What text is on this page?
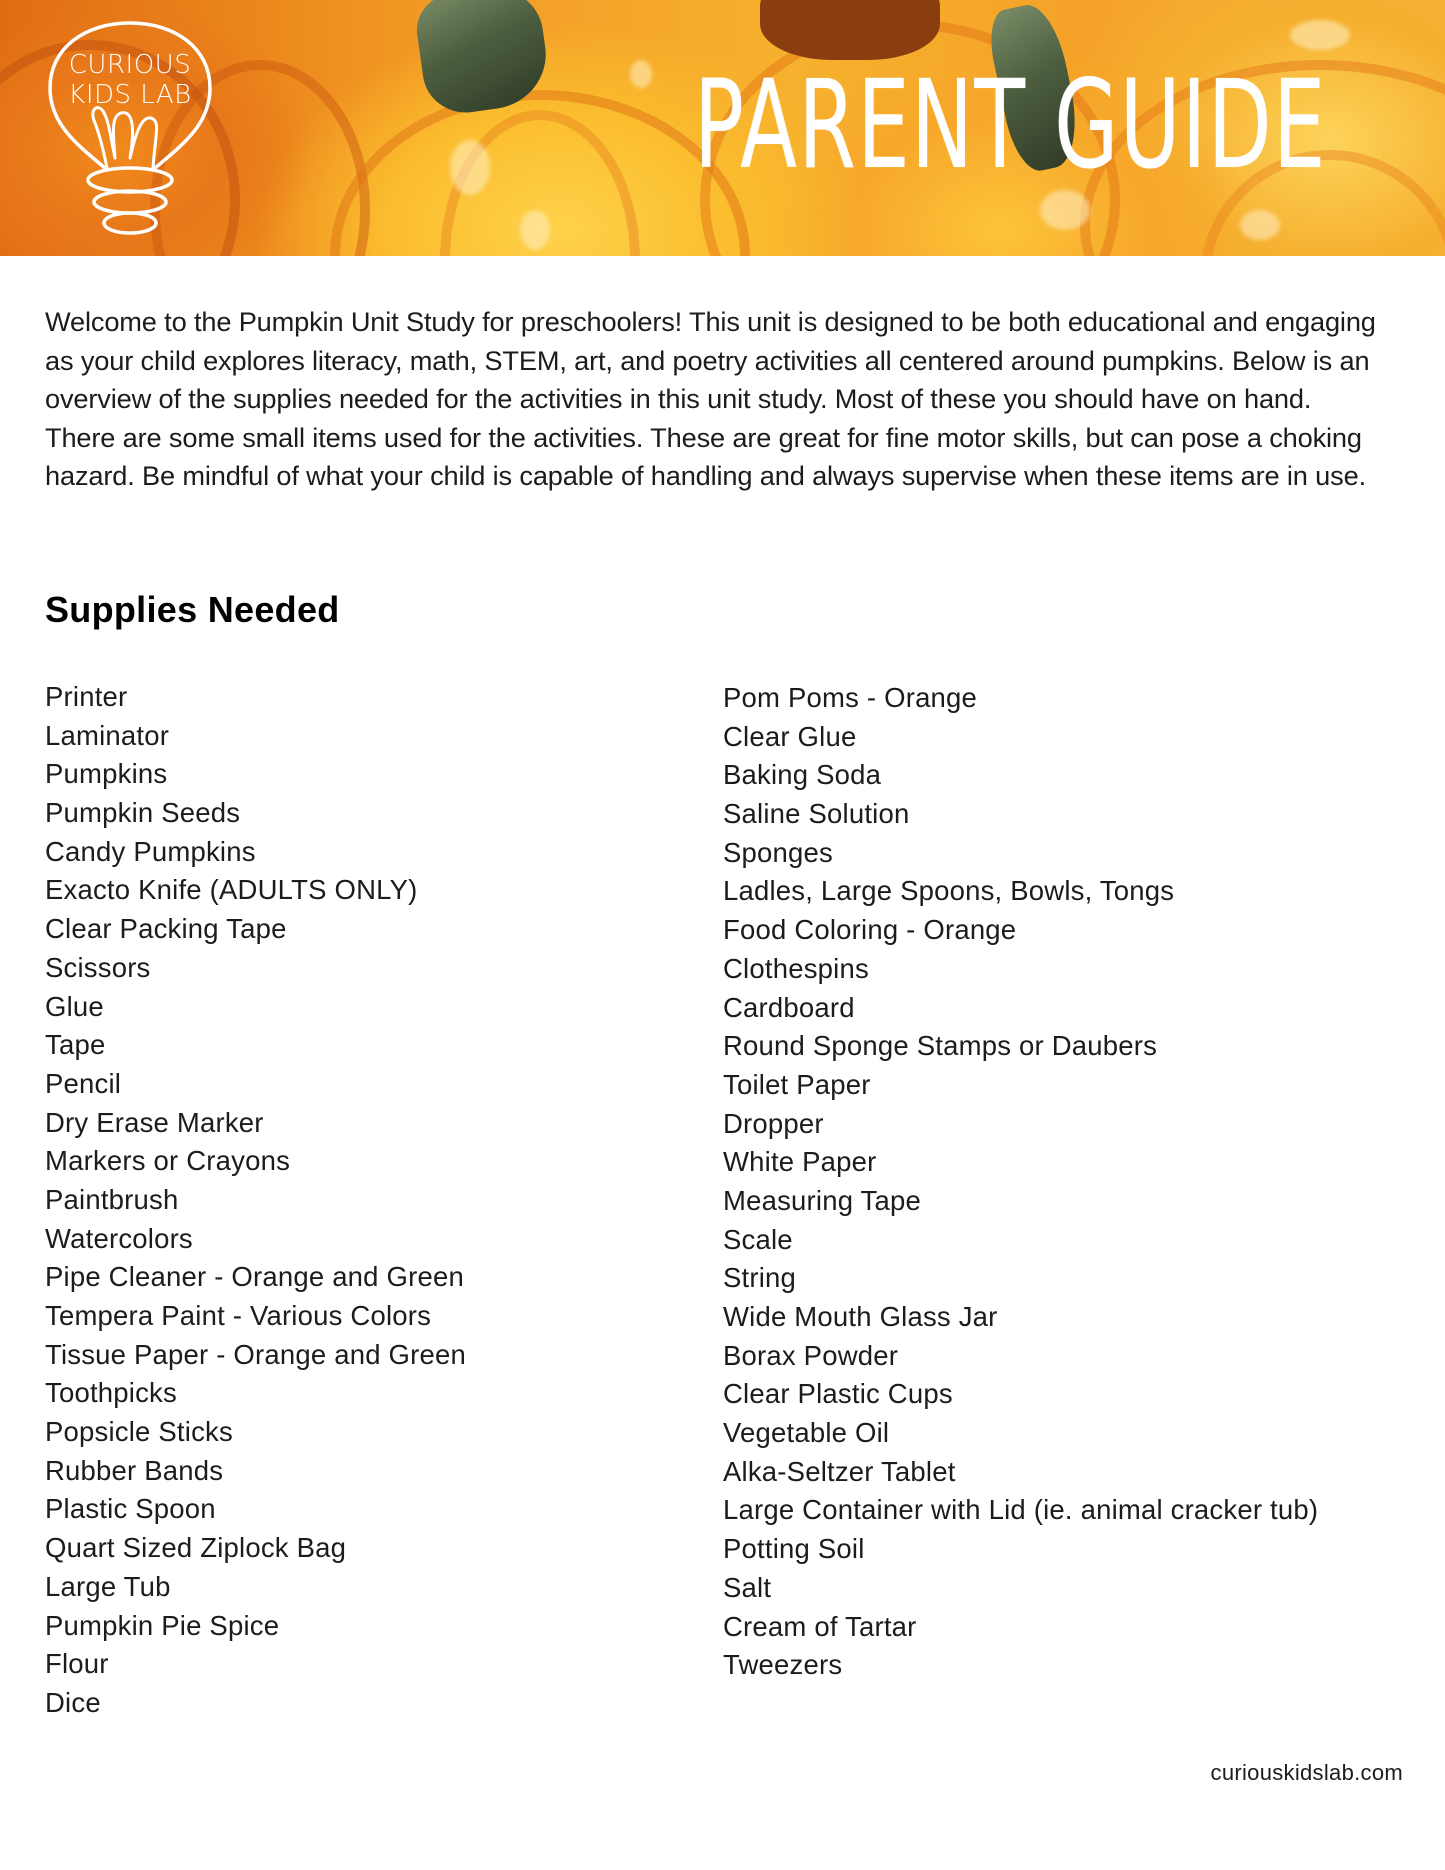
CURIOUS
KIDS LAB	PARENT GUIDE

Welcome to the Pumpkin Unit Study for preschoolers! This unit is designed to be both educational and engaging as your child explores literacy, math, STEM, art, and poetry activities all centered around pumpkins. Below is an overview of the supplies needed for the activities in this unit study. Most of these you should have on hand. There are some small items used for the activities. These are great for fine motor skills, but can pose a choking hazard. Be mindful of what your child is capable of handling and always supervise when these items are in use.

Supplies Needed
Printer
Laminator
Pumpkins
Pumpkin Seeds
Candy Pumpkins
Exacto Knife (ADULTS ONLY)
Clear Packing Tape
Scissors
Glue
Tape
Pencil
Dry Erase Marker
Markers or Crayons
Paintbrush
Watercolors
Pipe Cleaner - Orange and Green
Tempera Paint - Various Colors
Tissue Paper - Orange and Green
Toothpicks
Popsicle Sticks
Rubber Bands
Plastic Spoon
Quart Sized Ziplock Bag
Large Tub
Pumpkin Pie Spice
Flour
Dice
Pom Poms - Orange
Clear Glue
Baking Soda
Saline Solution
Sponges
Ladles, Large Spoons, Bowls, Tongs
Food Coloring - Orange
Clothespins
Cardboard
Round Sponge Stamps or Daubers
Toilet Paper
Dropper
White Paper
Measuring Tape
Scale
String
Wide Mouth Glass Jar
Borax Powder
Clear Plastic Cups
Vegetable Oil
Alka-Seltzer Tablet
Large Container with Lid (ie. animal cracker tub)
Potting Soil
Salt
Cream of Tartar
Tweezers
curiouskidslab.com
